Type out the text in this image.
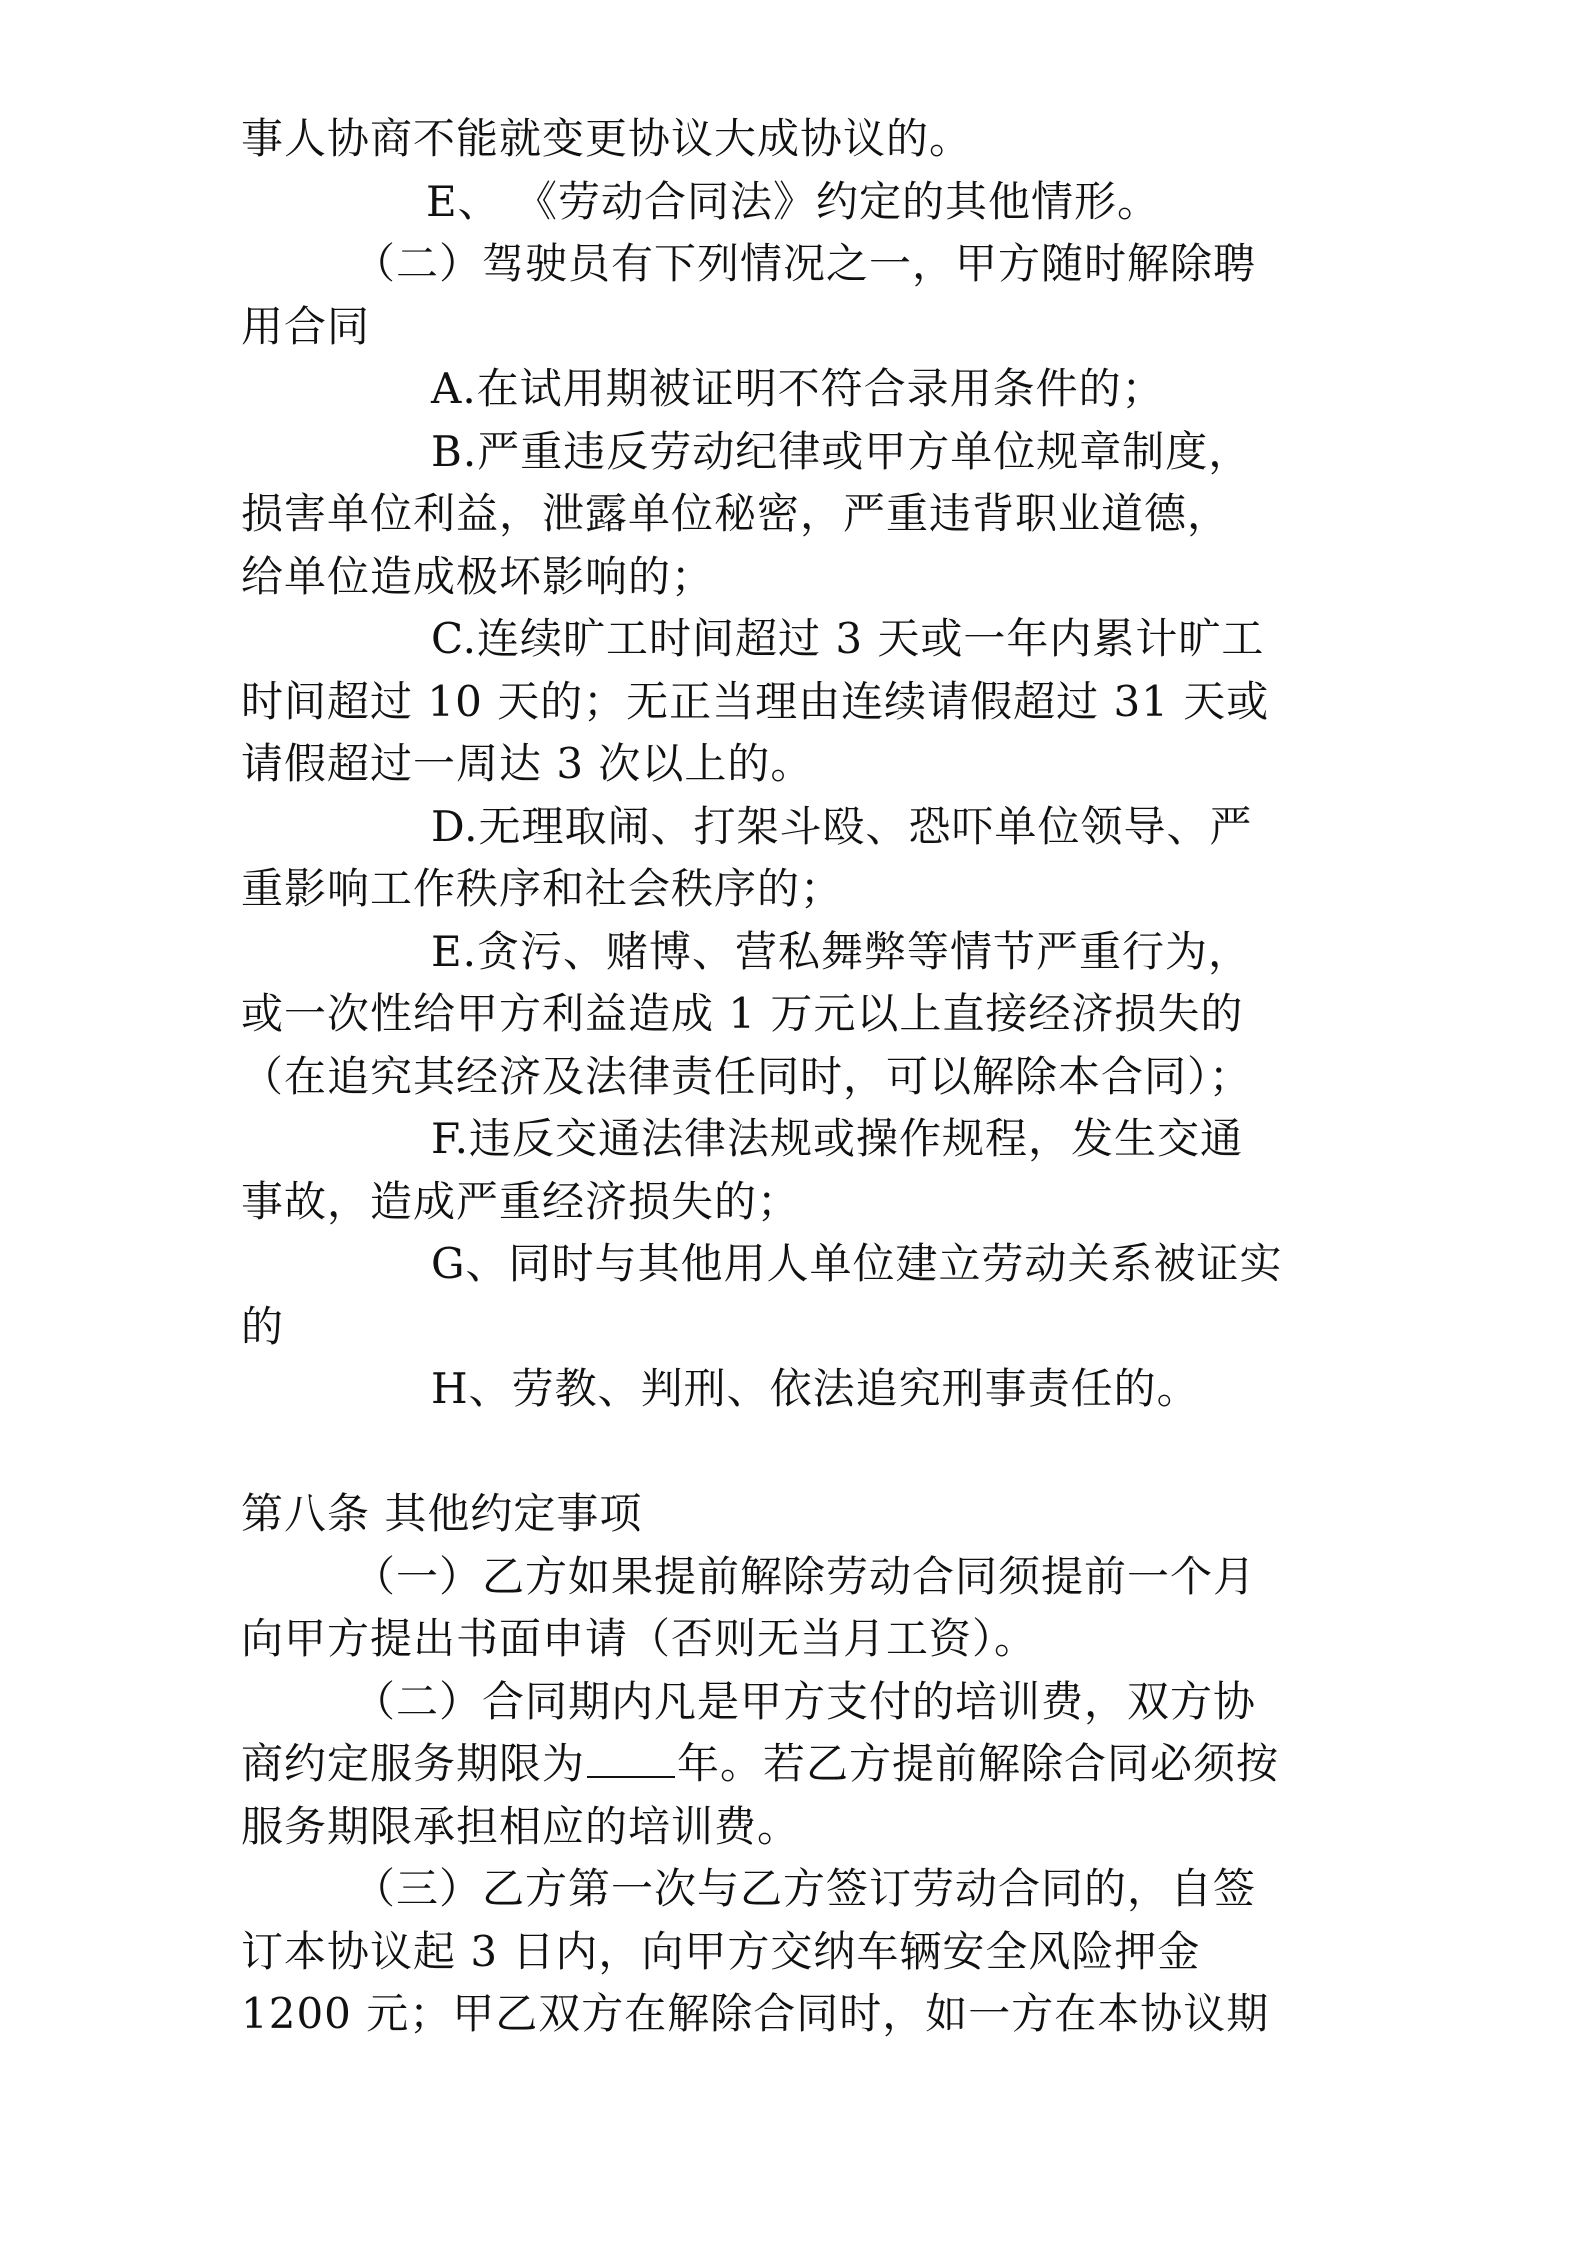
事人协商不能就变更协议大成协议的。
E、 《劳动合同法》约定的其他情形。
（二）驾驶员有下列情况之一，甲方随时解除聘
用合同
A.在试用期被证明不符合录用条件的；
B.严重违反劳动纪律或甲方单位规章制度，
损害单位利益，泄露单位秘密，严重违背职业道德，
给单位造成极坏影响的；
C.连续旷工时间超过 3 天或一年内累计旷工
时间超过 10 天的；无正当理由连续请假超过 31 天或
请假超过一周达 3 次以上的。
D.无理取闹、打架斗殴、恐吓单位领导、严
重影响工作秩序和社会秩序的；
E.贪污、赌博、营私舞弊等情节严重行为，
或一次性给甲方利益造成 1 万元以上直接经济损失的
（在追究其经济及法律责任同时，可以解除本合同）；
F.违反交通法律法规或操作规程，发生交通
事故，造成严重经济损失的；
G、同时与其他用人单位建立劳动关系被证实
的
H、劳教、判刑、依法追究刑事责任的。
第八条 其他约定事项
（一）乙方如果提前解除劳动合同须提前一个月
向甲方提出书面申请（否则无当月工资）。
（二）合同期内凡是甲方支付的培训费，双方协
商约定服务期限为 年。若乙方提前解除合同必须按
服务期限承担相应的培训费。
（三）乙方第一次与乙方签订劳动合同的，自签
订本协议起 3 日内，向甲方交纳车辆安全风险押金
1200 元；甲乙双方在解除合同时，如一方在本协议期
